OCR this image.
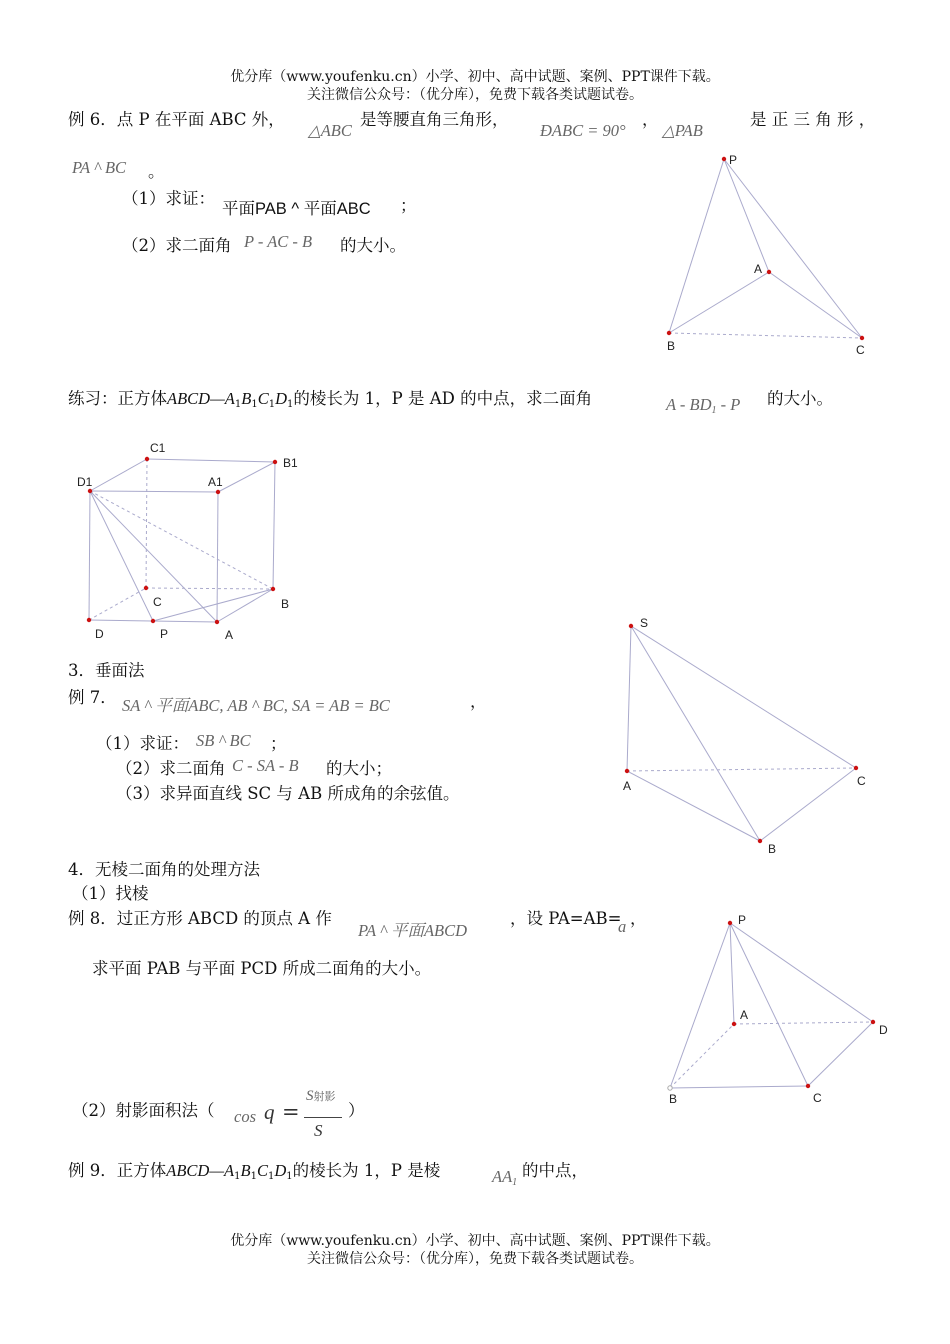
优分库（www.youfenku.cn）小学、初中、高中试题、案例、PPT课件下载。
关注微信公众号：（优分库），免费下载各类试题试卷。
优分库（www.youfenku.cn）小学、初中、高中试题、案例、PPT课件下载。
关注微信公众号：（优分库），免费下载各类试题试卷。
例 6．点 P 在平面 ABC 外，
△ABC
是等腰直角三角形，
ÐABC = 90°
，
△PAB
是 正 三 角 形 ，
PA ^ BC 。
（1）求证：
平面PAB ^ 平面ABC ；
（2）求二面角 P - AC - B 的大小。
练习：正方体$ABCD—A_1B_1C_1D_1$的棱长为 1，P 是 AD 的中点，求二面角	A - $BD_1$ - P 的大小。
3．垂面法
例 7． SA ^ 平面ABC, AB ^ BC, SA = AB = BC	，
（1）求证： SB ^ BC ；
（2）求二面角 C - SA - B 的大小；
（3）求异面直线 SC 与 AB 所成角的余弦值。
4．无棱二面角的处理方法
（1）找棱
例 8．过正方形 ABCD 的顶点 A 作
PA ^ 平面ABCD
，设 PA=AB=
a ，
求平面 PAB 与平面 PCD 所成二面角的大小。
（2）射影面积法（ cos q =
S射影
S
）
例 9．正方体$ABCD—A_1B_1C_1D_1$的棱长为 1，P 是棱	$AA_1$
的中点，
P
A
B	C
C1
B1
D1	A1
C	B
D	P	A
S
A	C
B
P
A
D
B	C
